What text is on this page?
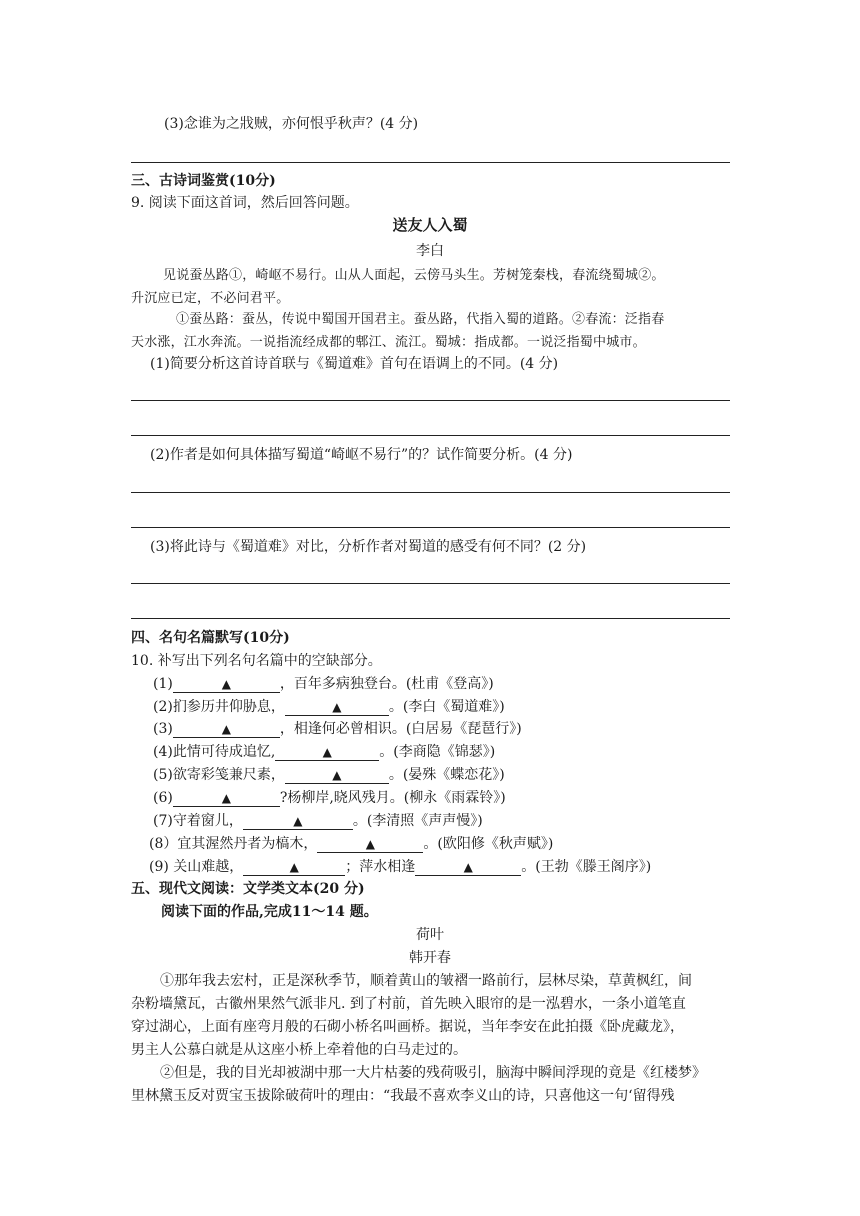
(3)念谁为之戕贼，亦何恨乎秋声？(4 分)
三、古诗词鉴赏(10分)
9. 阅读下面这首词，然后回答问题。
送友人入蜀
李白
见说蚕丛路①，崎岖不易行。山从人面起，云傍马头生。芳树笼秦栈，春流绕蜀城②。
升沉应已定，不必问君平。
①蚕丛路：蚕丛，传说中蜀国开国君主。蚕丛路，代指入蜀的道路。②春流：泛指春
天水涨，江水奔流。一说指流经成都的郫江、流江。蜀城：指成都。一说泛指蜀中城市。
(1)简要分析这首诗首联与《蜀道难》首句在语调上的不同。(4 分)
(2)作者是如何具体描写蜀道“崎岖不易行”的？试作简要分析。(4 分)
(3)将此诗与《蜀道难》对比，分析作者对蜀道的感受有何不同？(2 分)
四、名句名篇默写(10分)
10. 补写出下列名句名篇中的空缺部分。
(1)	▲	，百年多病独登台。(杜甫《登高》)
(2)扪参历井仰胁息，	▲	。(李白《蜀道难》)
(3)	▲	，相逢何必曾相识。(白居易《琵琶行》)
(4)此情可待成追忆,	▲	。(李商隐《锦瑟》)
(5)欲寄彩笺兼尺素，	▲	。(晏殊《蝶恋花》)
(6)	▲	?杨柳岸,晓风残月。(柳永《雨霖铃》)
(7)守着窗儿，	▲	。(李清照《声声慢》)
(8）宜其渥然丹者为槁木，	▲	。(欧阳修《秋声赋》)
(9) 关山难越，	▲	；萍水相逢	▲	。(王勃《滕王阁序》)
五、现代文阅读：文学类文本(20 分)
阅读下面的作品,完成11～14 题。
荷叶
韩开春
①那年我去宏村，正是深秋季节，顺着黄山的皱褶一路前行，层林尽染，草黄枫红，间
杂粉墙黛瓦，古徽州果然气派非凡. 到了村前，首先映入眼帘的是一泓碧水，一条小道笔直
穿过湖心，上面有座弯月般的石砌小桥名叫画桥。据说，当年李安在此拍摄《卧虎藏龙》，
男主人公慕白就是从这座小桥上牵着他的白马走过的。
②但是，我的目光却被湖中那一大片枯萎的残荷吸引，脑海中瞬间浮现的竟是《红楼梦》
里林黛玉反对贾宝玉拔除破荷叶的理由：“我最不喜欢李义山的诗，只喜他这一句‘留得残
